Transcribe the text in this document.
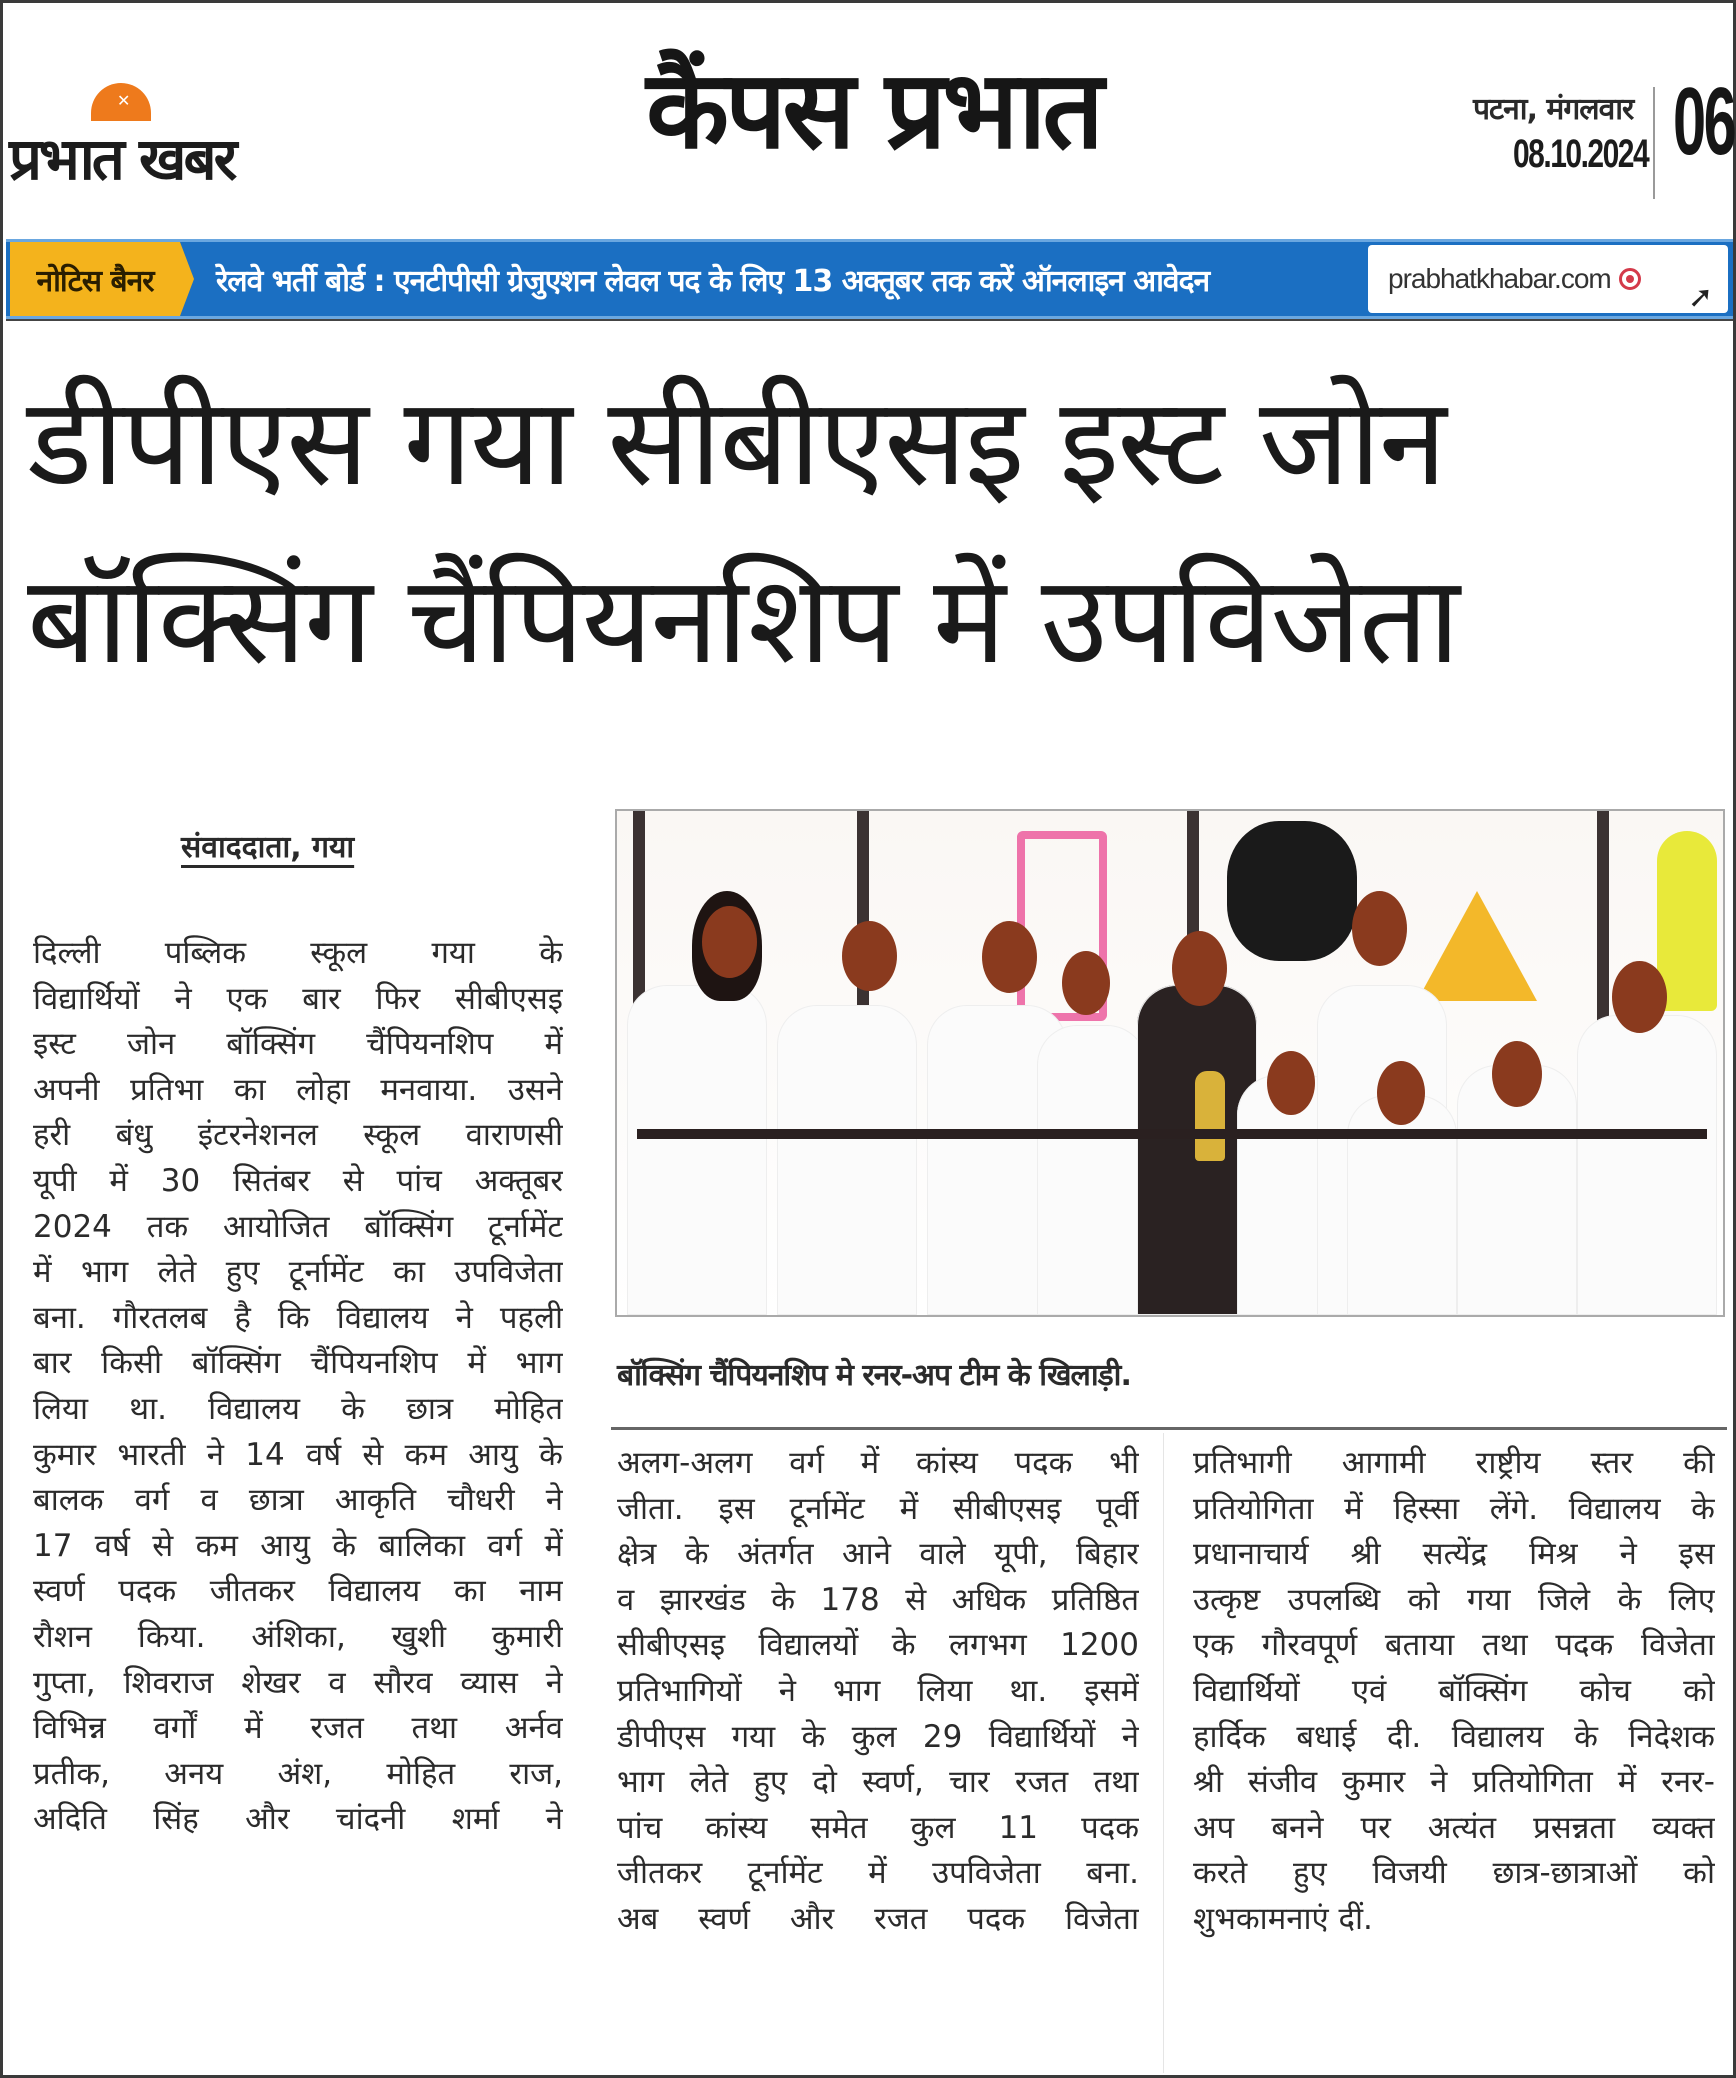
✕
प्रभात खबर	कैंपस प्रभात	पटना, मंगलवार
08.10.2024 06
नोटिस बैनर	रेलवे भर्ती बोर्ड : एनटीपीसी ग्रेजुएशन लेवल पद के लिए 13 अक्तूबर तक करें ऑनलाइन आवेदन	prabhatkhabar.com
➚
डीपीएस गया सीबीएसइ इस्ट जोन
बॉक्सिंग चैंपियनशिप में उपविजेता
संवाददाता, गया
दिल्ली पब्लिक स्कूल गया के
विद्यार्थियों ने एक बार फिर सीबीएसइ
इस्ट जोन बॉक्सिंग चैंपियनशिप में
अपनी प्रतिभा का लोहा मनवाया. उसने
हरी बंधु इंटरनेशनल स्कूल वाराणसी
यूपी में 30 सितंबर से पांच अक्तूबर
2024 तक आयोजित बॉक्सिंग टूर्नामेंट
में भाग लेते हुए टूर्नामेंट का उपविजेता
बना. गौरतलब है कि विद्यालय ने पहली
बार किसी बॉक्सिंग चैंपियनशिप में भाग
लिया था. विद्यालय के छात्र मोहित
कुमार भारती ने 14 वर्ष से कम आयु के
बालक वर्ग व छात्रा आकृति चौधरी ने
17 वर्ष से कम आयु के बालिका वर्ग में
स्वर्ण पदक जीतकर विद्यालय का नाम
रौशन किया. अंशिका, खुशी कुमारी
गुप्ता, शिवराज शेखर व सौरव व्यास ने
विभिन्न वर्गों में रजत तथा अर्नव
प्रतीक, अनय अंश, मोहित राज,
अदिति सिंह और चांदनी शर्मा ने
बॉक्सिंग चैंपियनशिप मे रनर-अप टीम के खिलाड़ी.
अलग-अलग वर्ग में कांस्य पदक भी
जीता. इस टूर्नामेंट में सीबीएसइ पूर्वी
क्षेत्र के अंतर्गत आने वाले यूपी, बिहार
व झारखंड के 178 से अधिक प्रतिष्ठित
सीबीएसइ विद्यालयों के लगभग 1200
प्रतिभागियों ने भाग लिया था. इसमें
डीपीएस गया के कुल 29 विद्यार्थियों ने
भाग लेते हुए दो स्वर्ण, चार रजत तथा
पांच कांस्य समेत कुल 11 पदक
जीतकर टूर्नामेंट में उपविजेता बना.
अब स्वर्ण और रजत पदक विजेता
प्रतिभागी आगामी राष्ट्रीय स्तर की
प्रतियोगिता में हिस्सा लेंगे. विद्यालय के
प्रधानाचार्य श्री सत्येंद्र मिश्र ने इस
उत्कृष्ट उपलब्धि को गया जिले के लिए
एक गौरवपूर्ण बताया तथा पदक विजेता
विद्यार्थियों एवं बॉक्सिंग कोच को
हार्दिक बधाई दी. विद्यालय के निदेशक
श्री संजीव कुमार ने प्रतियोगिता में रनर-
अप बनने पर अत्यंत प्रसन्नता व्यक्त
करते हुए विजयी छात्र-छात्राओं को
शुभकामनाएं दीं.
